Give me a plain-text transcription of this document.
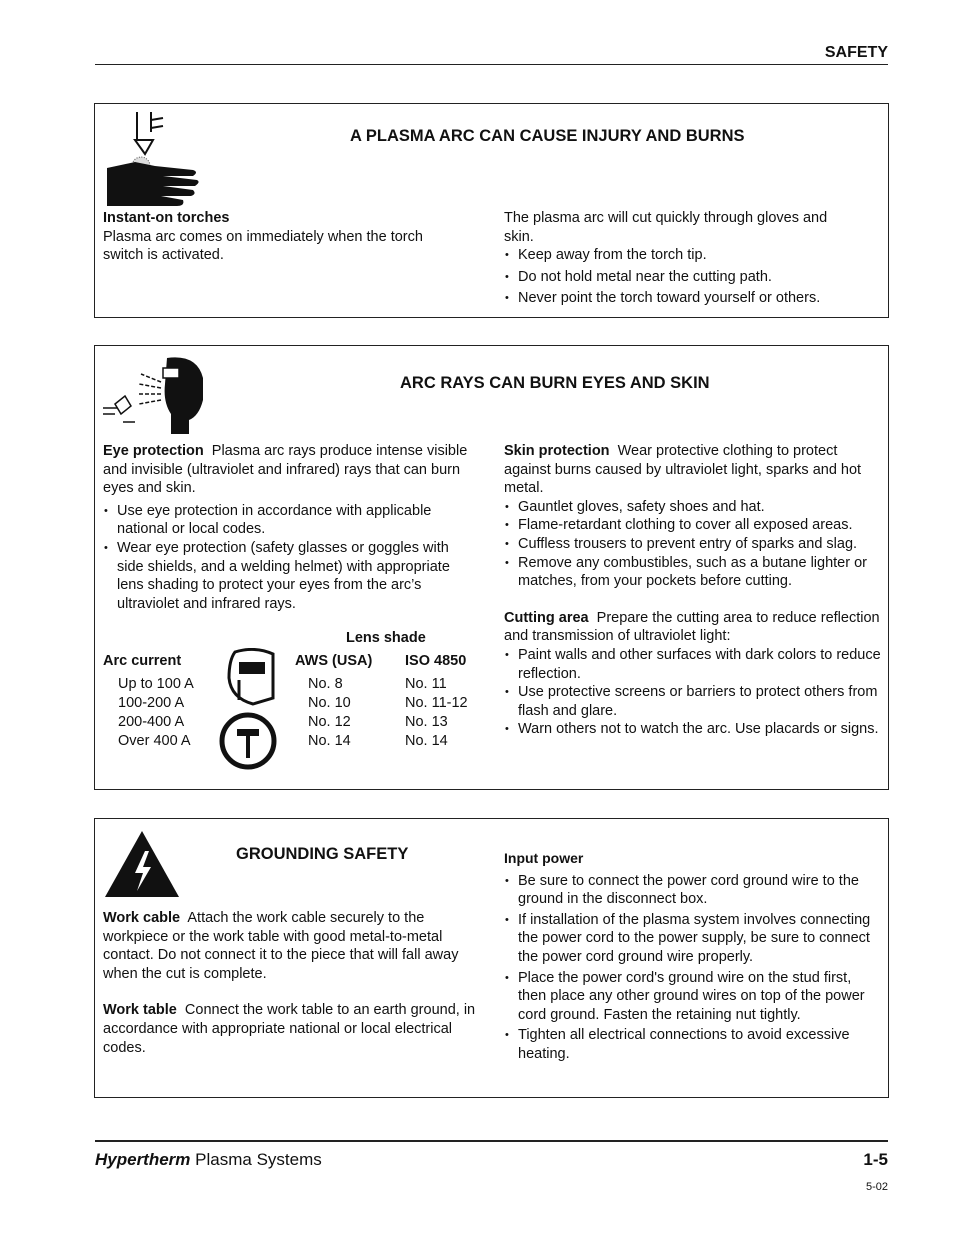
SAFETY
A PLASMA ARC CAN CAUSE INJURY AND BURNS
Instant-on torches
Plasma arc comes on immediately when the torch switch is activated.
The plasma arc will cut quickly through gloves and skin.
• Keep away from the torch tip.
• Do not hold metal near the cutting path.
• Never point the torch toward yourself or others.
ARC RAYS CAN BURN EYES AND SKIN
Eye protection Plasma arc rays produce intense visible and invisible (ultraviolet and infrared) rays that can burn eyes and skin.
• Use eye protection in accordance with applicable national or local codes.
• Wear eye protection (safety glasses or goggles with side shields, and a welding helmet) with appropriate lens shading to protect your eyes from the arc’s ultraviolet and infrared rays.
Lens shade
Arc current	AWS (USA) ISO 4850
Up to 100 A	No. 8	No. 11
100-200 A	No. 10	No. 11-12
200-400 A	No. 12	No. 13
Over 400 A	No. 14	No. 14
Skin protection Wear protective clothing to protect against burns caused by ultraviolet light, sparks and hot metal.
• Gauntlet gloves, safety shoes and hat.
• Flame-retardant clothing to cover all exposed areas.
• Cuffless trousers to prevent entry of sparks and slag.
• Remove any combustibles, such as a butane lighter or matches, from your pockets before cutting.
Cutting area Prepare the cutting area to reduce reflection and transmission of ultraviolet light:
• Paint walls and other surfaces with dark colors to reduce reflection.
• Use protective screens or barriers to protect others from flash and glare.
• Warn others not to watch the arc. Use placards or signs.
GROUNDING SAFETY
Work cable Attach the work cable securely to the workpiece or the work table with good metal-to-metal contact. Do not connect it to the piece that will fall away when the cut is complete.
Work table Connect the work table to an earth ground, in accordance with appropriate national or local electrical codes.
Input power
• Be sure to connect the power cord ground wire to the ground in the disconnect box.
• If installation of the plasma system involves connecting the power cord to the power supply, be sure to connect the power cord ground wire properly.
• Place the power cord's ground wire on the stud first, then place any other ground wires on top of the power cord ground. Fasten the retaining nut tightly.
• Tighten all electrical connections to avoid excessive heating.
Hypertherm Plasma Systems	1-5
5-02
